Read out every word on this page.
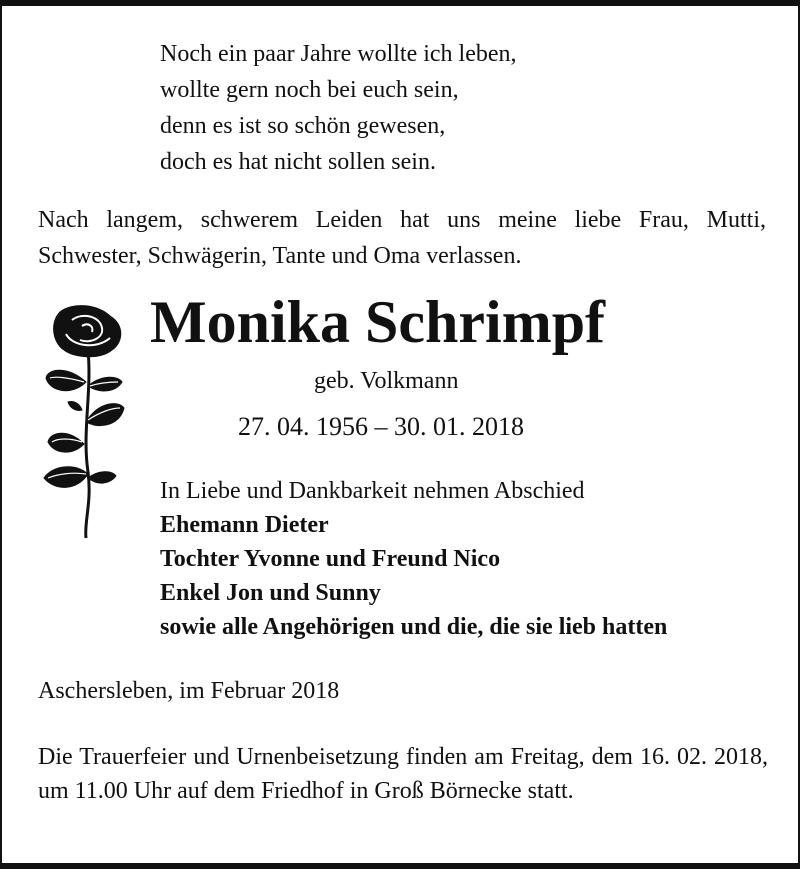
Noch ein paar Jahre wollte ich leben,
wollte gern noch bei euch sein,
denn es ist so schön gewesen,
doch es hat nicht sollen sein.
Nach langem, schwerem Leiden hat uns meine liebe Frau, Mutti, Schwester, Schwägerin, Tante und Oma verlassen.
Monika Schrimpf
geb. Volkmann
27. 04. 1956 – 30. 01. 2018
In Liebe und Dankbarkeit nehmen Abschied
Ehemann Dieter
Tochter Yvonne und Freund Nico
Enkel Jon und Sunny
sowie alle Angehörigen und die, die sie lieb hatten
Aschersleben, im Februar 2018
Die Trauerfeier und Urnenbeisetzung finden am Freitag, dem 16. 02. 2018, um 11.00 Uhr auf dem Friedhof in Groß Börnecke statt.
